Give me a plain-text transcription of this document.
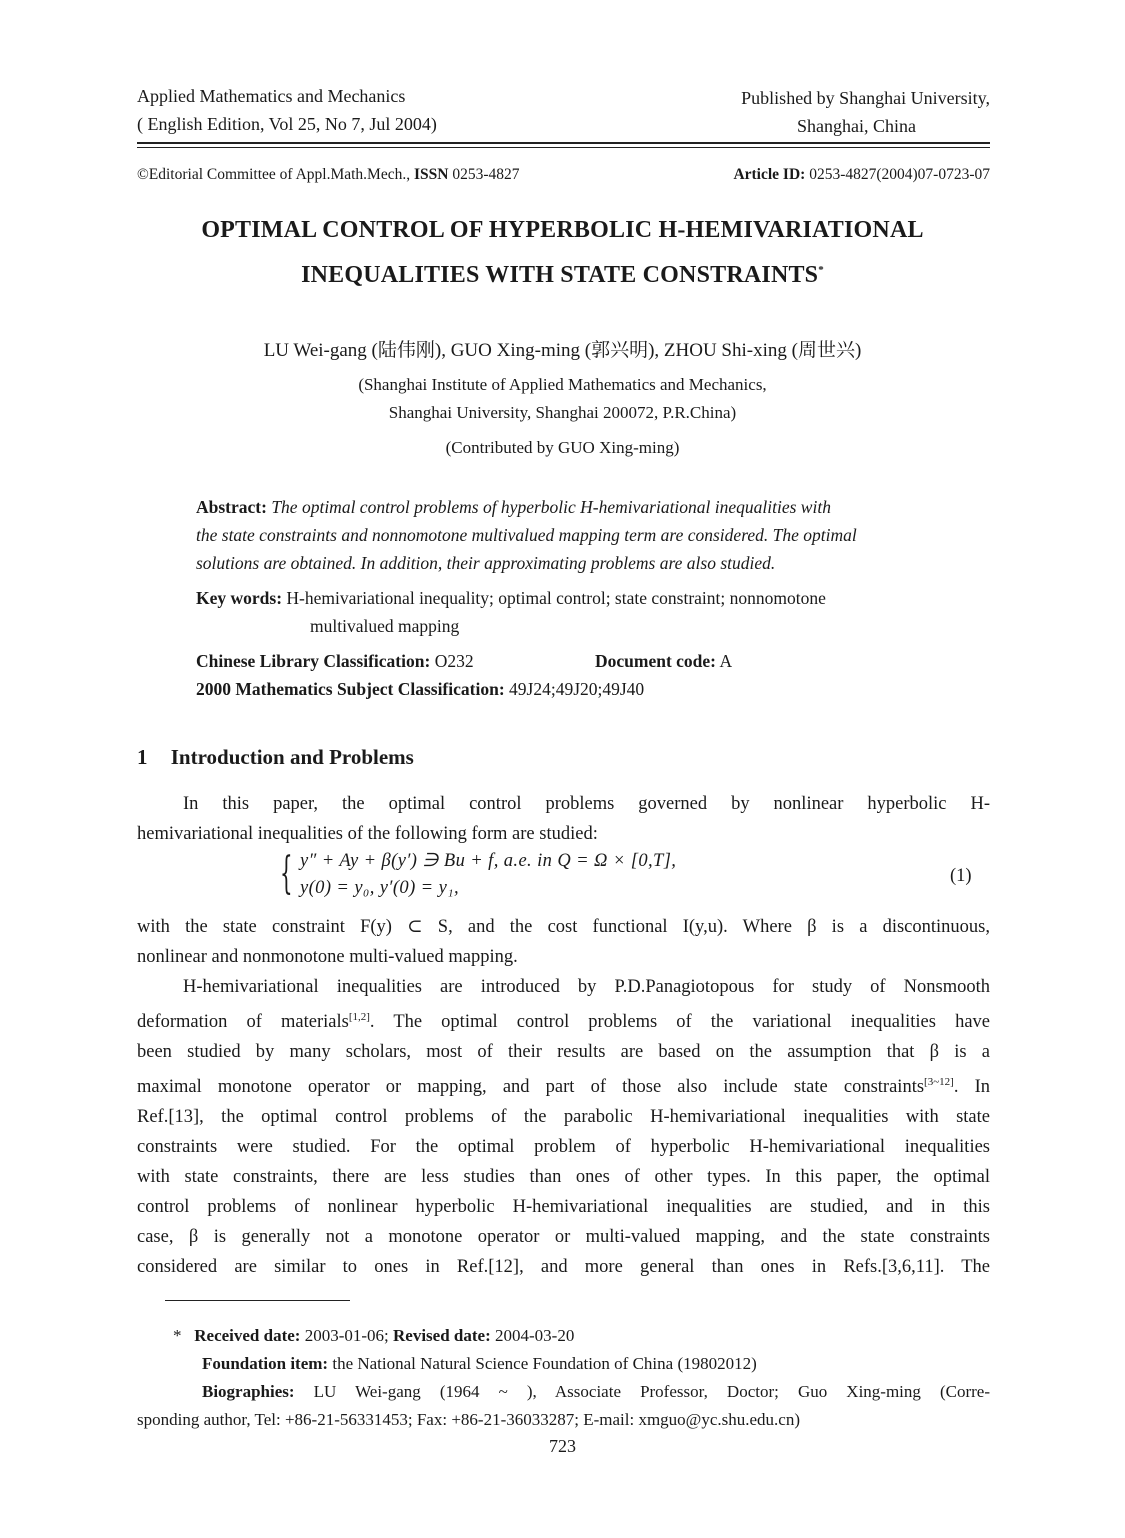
Applied Mathematics and Mechanics
( English Edition, Vol 25, No 7, Jul 2004)
Published by Shanghai University,
Shanghai, China
©Editorial Committee of Appl.Math.Mech., ISSN 0253-4827	Article ID: 0253-4827(2004)07-0723-07
OPTIMAL CONTROL OF HYPERBOLIC H-HEMIVARIATIONAL
INEQUALITIES WITH STATE CONSTRAINTS*
LU Wei-gang (陆伟刚), GUO Xing-ming (郭兴明), ZHOU Shi-xing (周世兴)
(Shanghai Institute of Applied Mathematics and Mechanics,
Shanghai University, Shanghai 200072, P.R.China)
(Contributed by GUO Xing-ming)
Abstract: The optimal control problems of hyperbolic H-hemivariational inequalities with
the state constraints and nonnomotone multivalued mapping term are considered. The optimal
solutions are obtained. In addition, their approximating problems are also studied.
Key words: H-hemivariational inequality; optimal control; state constraint; nonnomotone
multivalued mapping
Chinese Library Classification: O232	Document code: A
2000 Mathematics Subject Classification: 49J24;49J20;49J40
1 Introduction and Problems
In this paper, the optimal control problems governed by nonlinear hyperbolic H-
hemivariational inequalities of the following form are studied:
{ y″ + Ay + β(y′) ∋ Bu + f, a.e. in Q = Ω × [0,T],
y(0) = y₀, y′(0) = y₁,
(1)
with the state constraint F(y) ⊂ S, and the cost functional I(y,u). Where β is a discontinuous,
nonlinear and nonmonotone multi-valued mapping.
H-hemivariational inequalities are introduced by P.D.Panagiotopous for study of Nonsmooth
deformation of materials[1,2]. The optimal control problems of the variational inequalities have
been studied by many scholars, most of their results are based on the assumption that β is a
maximal monotone operator or mapping, and part of those also include state constraints[3~12]. In
Ref.[13], the optimal control problems of the parabolic H-hemivariational inequalities with state
constraints were studied. For the optimal problem of hyperbolic H-hemivariational inequalities
with state constraints, there are less studies than ones of other types. In this paper, the optimal
control problems of nonlinear hyperbolic H-hemivariational inequalities are studied, and in this
case, β is generally not a monotone operator or multi-valued mapping, and the state constraints
considered are similar to ones in Ref.[12], and more general than ones in Refs.[3,6,11]. The
* Received date: 2003-01-06; Revised date: 2004-03-20
Foundation item: the National Natural Science Foundation of China (19802012)
Biographies: LU Wei-gang (1964 ~ ), Associate Professor, Doctor; Guo Xing-ming (Corre-
sponding author, Tel: +86-21-56331453; Fax: +86-21-36033287; E-mail: xmguo@yc.shu.edu.cn)
723
